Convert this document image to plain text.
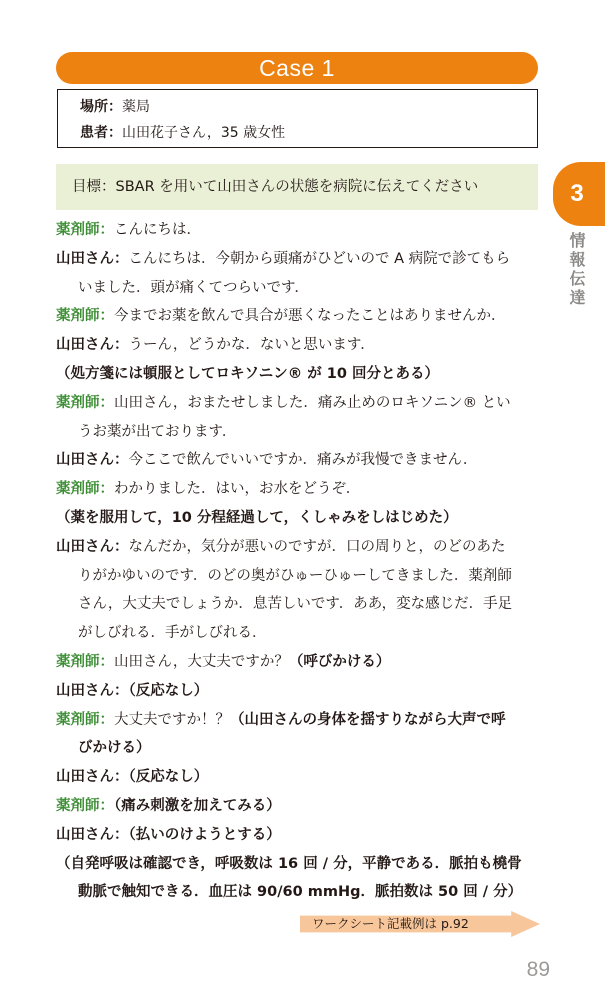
Case 1
場所：薬局
患者：山田花子さん，35 歳女性
目標：SBAR を用いて山田さんの状態を病院に伝えてください	3
情報伝達
薬剤師：こんにちは．
山田さん：こんにちは．今朝から頭痛がひどいので A 病院で診てもら
いました．頭が痛くてつらいです．
薬剤師：今までお薬を飲んで具合が悪くなったことはありませんか．
山田さん：うーん，どうかな．ないと思います．
（処方箋には頓服としてロキソニン® が 10 回分とある）
薬剤師：山田さん，おまたせしました．痛み止めのロキソニン® とい
うお薬が出ております．
山田さん：今ここで飲んでいいですか．痛みが我慢できません．
薬剤師：わかりました．はい，お水をどうぞ．
（薬を服用して，10 分程経過して，くしゃみをしはじめた）
山田さん：なんだか，気分が悪いのですが．口の周りと，のどのあた
りがかゆいのです．のどの奥がひゅーひゅーしてきました．薬剤師
さん，大丈夫でしょうか．息苦しいです．ああ，変な感じだ．手足
がしびれる．手がしびれる．
薬剤師：山田さん，大丈夫ですか？（呼びかける）
山田さん：（反応なし）
薬剤師：大丈夫ですか！？（山田さんの身体を揺すりながら大声で呼
びかける）
山田さん：（反応なし）
薬剤師：（痛み刺激を加えてみる）
山田さん：（払いのけようとする）
（自発呼吸は確認でき，呼吸数は 16 回 / 分，平静である．脈拍も橈骨
動脈で触知できる．血圧は 90/60 mmHg．脈拍数は 50 回 / 分）
ワークシート記載例は p.92
89
